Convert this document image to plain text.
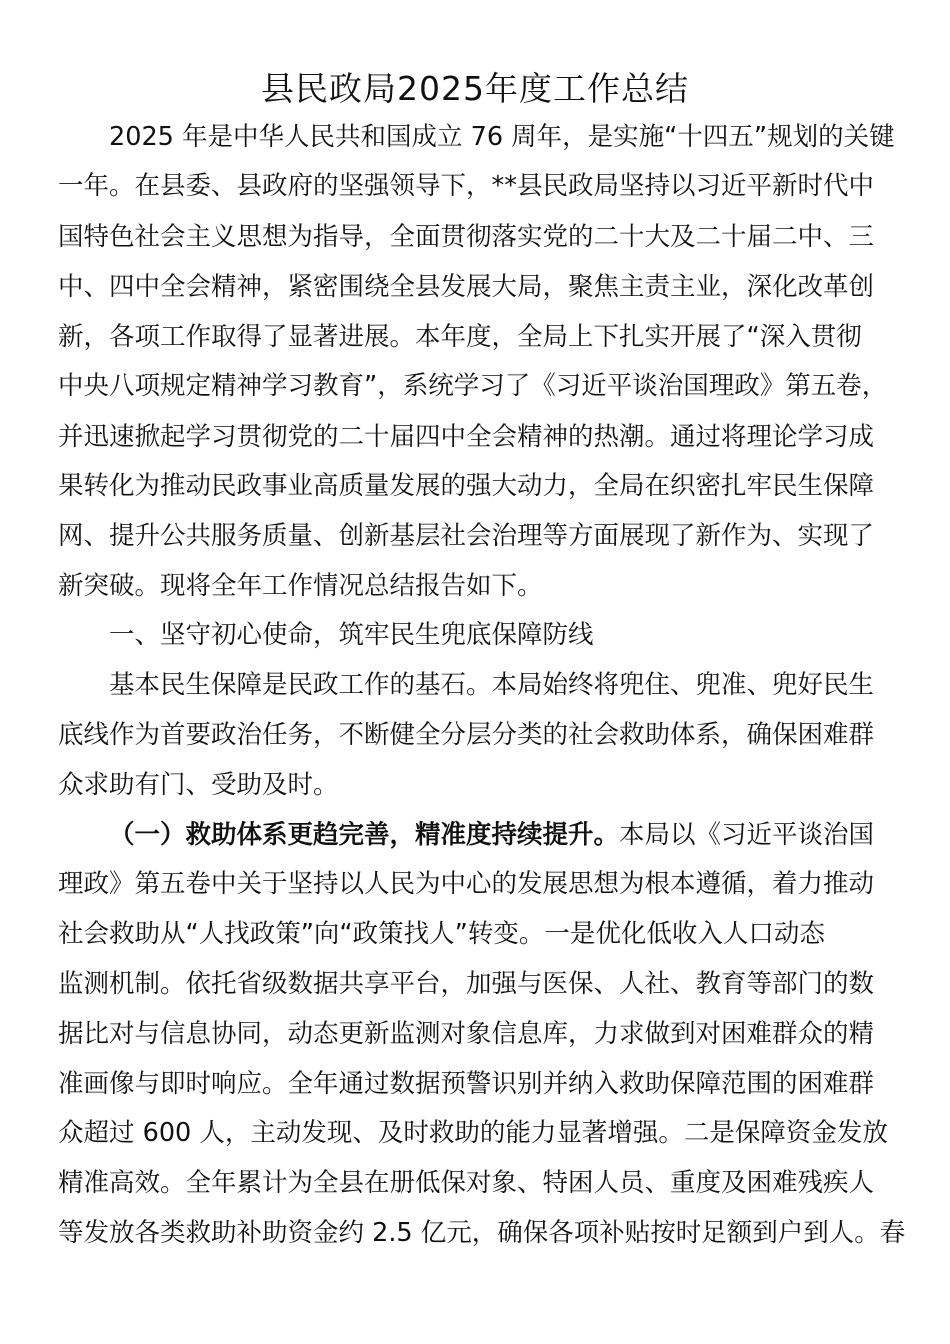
县民政局2025年度工作总结
2025 年是中华人民共和国成立 76 周年，是实施“十四五”规划的关键
一年。在县委、县政府的坚强领导下，**县民政局坚持以习近平新时代中
国特色社会主义思想为指导，全面贯彻落实党的二十大及二十届二中、三
中、四中全会精神，紧密围绕全县发展大局，聚焦主责主业，深化改革创
新，各项工作取得了显著进展。本年度，全局上下扎实开展了“深入贯彻
中央八项规定精神学习教育”，系统学习了《习近平谈治国理政》第五卷，
并迅速掀起学习贯彻党的二十届四中全会精神的热潮。通过将理论学习成
果转化为推动民政事业高质量发展的强大动力，全局在织密扎牢民生保障
网、提升公共服务质量、创新基层社会治理等方面展现了新作为、实现了
新突破。现将全年工作情况总结报告如下。
一、坚守初心使命，筑牢民生兜底保障防线
基本民生保障是民政工作的基石。本局始终将兜住、兜准、兜好民生
底线作为首要政治任务，不断健全分层分类的社会救助体系，确保困难群
众求助有门、受助及时。
（一）救助体系更趋完善，精准度持续提升。本局以《习近平谈治国
理政》第五卷中关于坚持以人民为中心的发展思想为根本遵循，着力推动
社会救助从“人找政策”向“政策找人”转变。一是优化低收入人口动态
监测机制。依托省级数据共享平台，加强与医保、人社、教育等部门的数
据比对与信息协同，动态更新监测对象信息库，力求做到对困难群众的精
准画像与即时响应。全年通过数据预警识别并纳入救助保障范围的困难群
众超过 600 人，主动发现、及时救助的能力显著增强。二是保障资金发放
精准高效。全年累计为全县在册低保对象、特困人员、重度及困难残疾人
等发放各类救助补助资金约 2.5 亿元，确保各项补贴按时足额到户到人。春
